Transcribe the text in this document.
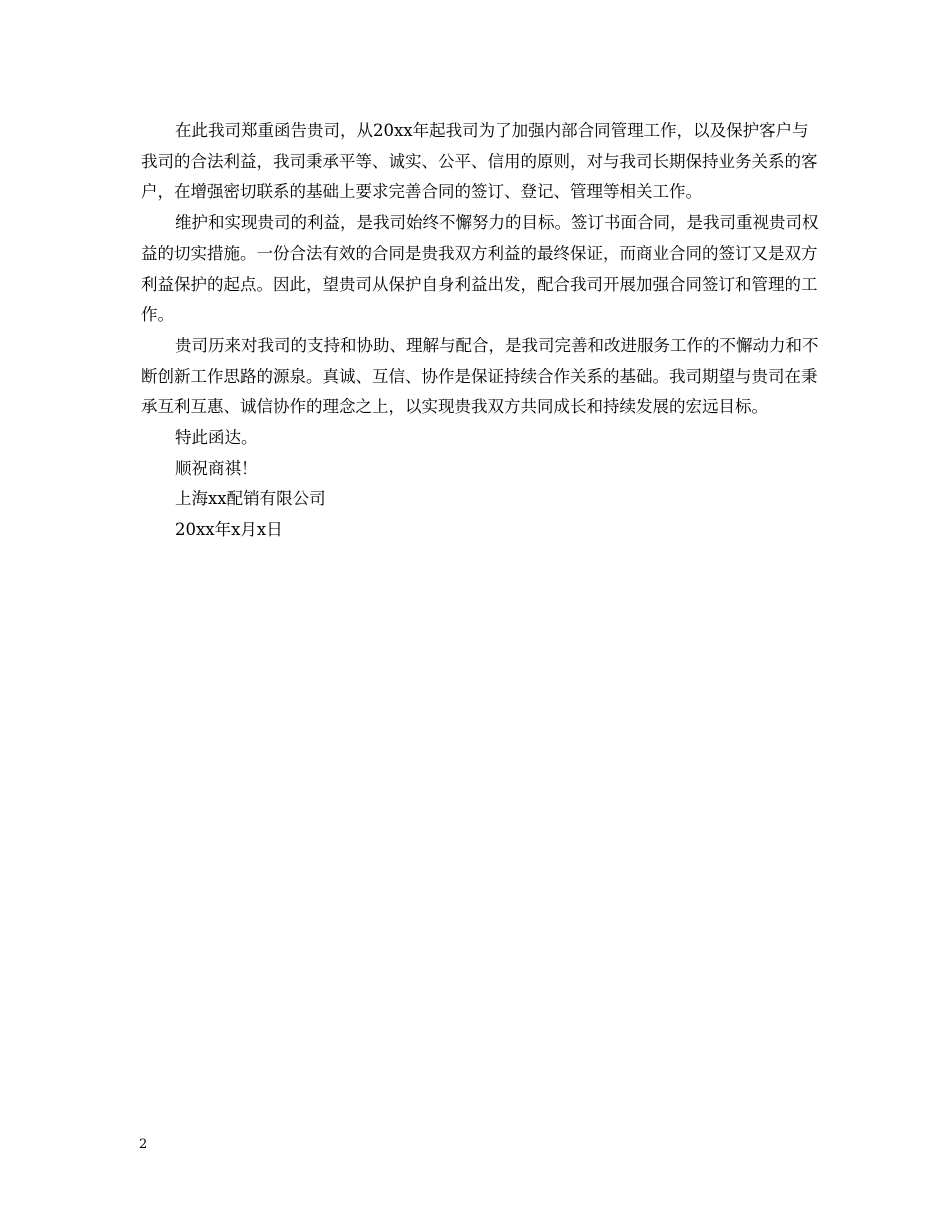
在此我司郑重函告贵司，从20xx年起我司为了加强内部合同管理工作，以及保护客户与我司的合法利益，我司秉承平等、诚实、公平、信用的原则，对与我司长期保持业务关系的客户，在增强密切联系的基础上要求完善合同的签订、登记、管理等相关工作。

维护和实现贵司的利益，是我司始终不懈努力的目标。签订书面合同，是我司重视贵司权益的切实措施。一份合法有效的合同是贵我双方利益的最终保证，而商业合同的签订又是双方利益保护的起点。因此，望贵司从保护自身利益出发，配合我司开展加强合同签订和管理的工作。

贵司历来对我司的支持和协助、理解与配合，是我司完善和改进服务工作的不懈动力和不断创新工作思路的源泉。真诚、互信、协作是保证持续合作关系的基础。我司期望与贵司在秉承互利互惠、诚信协作的理念之上，以实现贵我双方共同成长和持续发展的宏远目标。

特此函达。

顺祝商祺！

上海xx配销有限公司

20xx年x月x日

2
